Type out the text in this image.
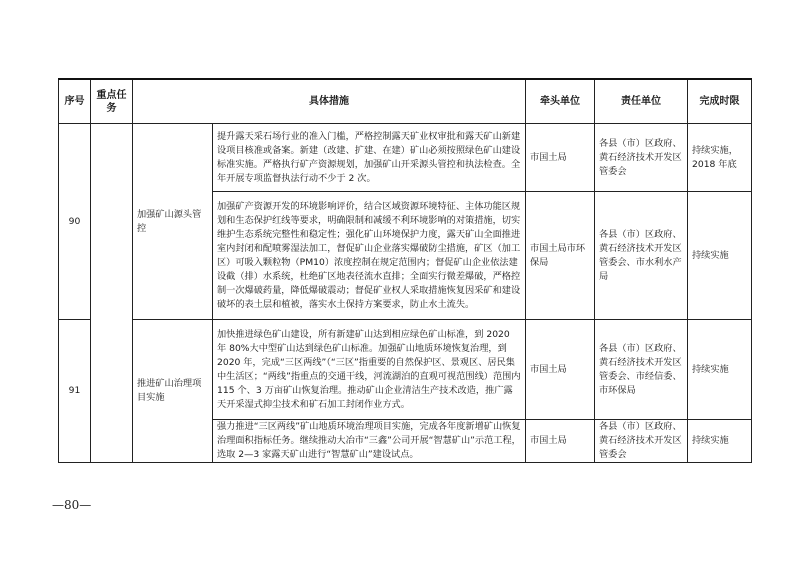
序号	重点任务	具体措施		牵头单位	责任单位	完成时限
90		加强矿山源头管控	提升露天采石场行业的准入门槛，严格控制露天矿业权审批和露天矿山新建设项目核准或备案。新建（改建、扩建、在建）矿山必须按照绿色矿山建设标准实施。严格执行矿产资源规划，加强矿山开采源头管控和执法检查。全年开展专项监督执法行动不少于 2 次。	市国土局	各县（市）区政府、黄石经济技术开发区管委会	持续实施，2018 年底
			加强矿产资源开发的环境影响评价，结合区域资源环境特征、主体功能区规划和生态保护红线等要求，明确限制和减缓不利环境影响的对策措施，切实维护生态系统完整性和稳定性；强化矿山环境保护力度，露天矿山全面推进室内封闭和配喷雾湿法加工，督促矿山企业落实爆破防尘措施，矿区（加工区）可吸入颗粒物（PM10）浓度控制在规定范围内；督促矿山企业依法建设截（排）水系统，杜绝矿区地表径流水直排；全面实行微差爆破，严格控制一次爆破药量，降低爆破震动；督促矿业权人采取措施恢复因采矿和建设破坏的表土层和植被，落实水土保持方案要求，防止水土流失。	市国土局市环保局	各县（市）区政府、黄石经济技术开发区管委会、市水利水产局	持续实施
91		推进矿山治理项目实施	加快推进绿色矿山建设，所有新建矿山达到相应绿色矿山标准，到 2020 年 80%大中型矿山达到绿色矿山标准。加强矿山地质环境恢复治理，到 2020 年，完成“三区两线”（“三区”指重要的自然保护区、景观区、居民集中生活区；“两线”指重点的交通干线，河流湖泊的直观可视范围线）范围内 115 个、3 万亩矿山恢复治理。推动矿山企业清洁生产技术改造，推广露天开采湿式抑尘技术和矿石加工封闭作业方式。	市国土局	各县（市）区政府、黄石经济技术开发区管委会、市经信委、市环保局	持续实施
			强力推进“三区两线”矿山地质环境治理项目实施，完成各年度新增矿山恢复治理面积指标任务。继续推动大冶市“三鑫”公司开展“智慧矿山”示范工程，选取 2—3 家露天矿山进行“智慧矿山”建设试点。	市国土局	各县（市）区政府、黄石经济技术开发区管委会	持续实施
—80—
